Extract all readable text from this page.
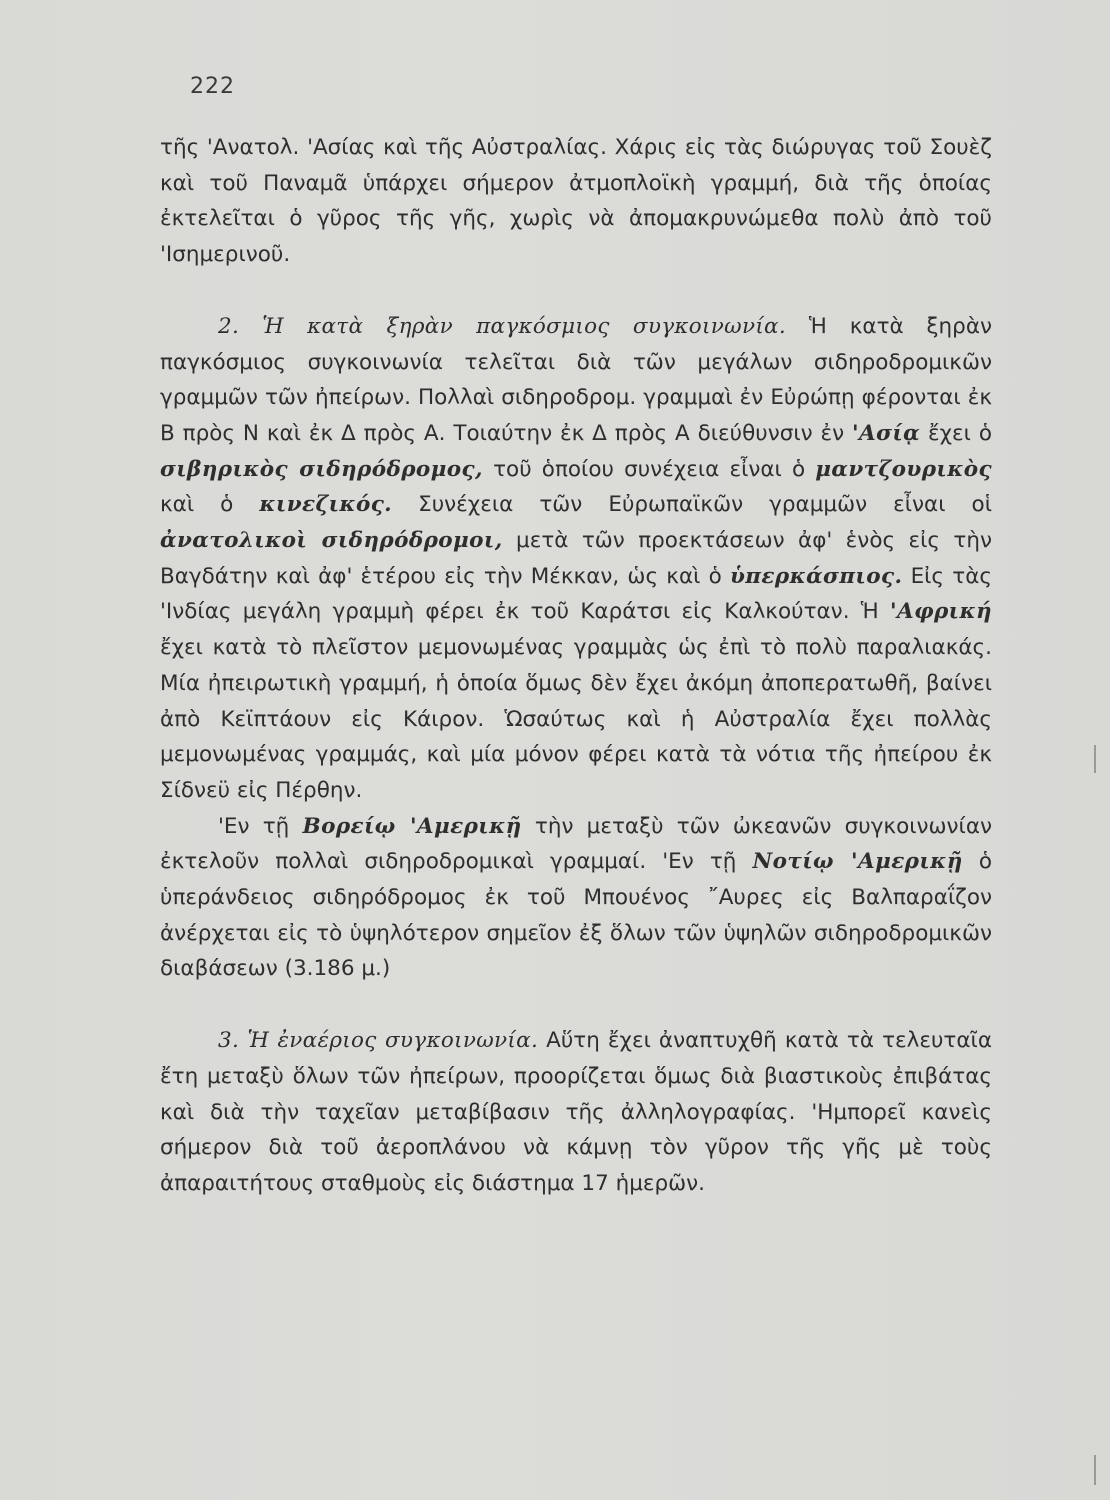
222

τῆς 'Ανατολ. 'Ασίας καὶ τῆς Αὐστραλίας. Χάρις εἰς τὰς διώρυγας τοῦ Σουὲζ καὶ τοῦ Παναμᾶ ὑπάρχει σήμερον ἀτμοπλοϊκὴ γραμμή, διὰ τῆς ὁποίας ἐκτελεῖται ὁ γῦρος τῆς γῆς, χωρὶς νὰ ἀπομακρυνώμεθα πολὺ ἀπὸ τοῦ 'Ισημερινοῦ.

2. Ἡ κατὰ ξηρὰν παγκόσμιος συγκοινωνία. Ἡ κατὰ ξηρὰν παγκόσμιος συγκοινωνία τελεῖται διὰ τῶν μεγάλων σιδηροδρομικῶν γραμμῶν τῶν ἠπείρων. Πολλαὶ σιδηροδρομ. γραμμαὶ ἐν Εὐρώπῃ φέρονται ἐκ Β πρὸς Ν καὶ ἐκ Δ πρὸς Α. Τοιαύτην ἐκ Δ πρὸς Α διεύθυνσιν ἐν 'Ασίᾳ ἔχει ὁ σιβηρικὸς σιδηρόδρομος, τοῦ ὁποίου συνέχεια εἶναι ὁ μαντζουρικὸς καὶ ὁ κινεζικός. Συνέχεια τῶν Εὐρωπαϊκῶν γραμμῶν εἶναι οἱ ἀνατολικοὶ σιδηρόδρομοι, μετὰ τῶν προεκτάσεων ἀφ' ἑνὸς εἰς τὴν Βαγδάτην καὶ ἀφ' ἑτέρου εἰς τὴν Μέκκαν, ὡς καὶ ὁ ὑπερκάσπιος. Εἰς τὰς 'Ινδίας μεγάλη γραμμὴ φέρει ἐκ τοῦ Καράτσι εἰς Καλκούταν. Ἡ 'Αφρική ἔχει κατὰ τὸ πλεῖστον μεμονωμένας γραμμὰς ὡς ἐπὶ τὸ πολὺ παραλιακάς. Μία ἠπειρωτικὴ γραμμή, ἡ ὁποία ὅμως δὲν ἔχει ἀκόμη ἀποπερατωθῆ, βαίνει ἀπὸ Κεϊπτάουν εἰς Κάιρον. Ὡσαύτως καὶ ἡ Αὐστραλία ἔχει πολλὰς μεμονωμένας γραμμάς, καὶ μία μόνον φέρει κατὰ τὰ νότια τῆς ἠπείρου ἐκ Σίδνεϋ εἰς Πέρθην.

'Εν τῇ Βορείῳ 'Αμερικῇ τὴν μεταξὺ τῶν ὠκεανῶν συγκοινωνίαν ἐκτελοῦν πολλαὶ σιδηροδρομικαὶ γραμμαί. 'Εν τῇ Νοτίῳ 'Αμερικῇ ὁ ὑπεράνδειος σιδηρόδρομος ἐκ τοῦ Μπουένος ῎Αυρες εἰς Βαλπαραΐζον ἀνέρχεται εἰς τὸ ὑψηλότερον σημεῖον ἐξ ὅλων τῶν ὑψηλῶν σιδηροδρομικῶν διαβάσεων (3.186 μ.)

3. Ἡ ἐναέριος συγκοινωνία. Αὕτη ἔχει ἀναπτυχθῆ κατὰ τὰ τελευταῖα ἔτη μεταξὺ ὅλων τῶν ἠπείρων, προορίζεται ὅμως διὰ βιαστικοὺς ἐπιβάτας καὶ διὰ τὴν ταχεῖαν μεταβίβασιν τῆς ἀλληλογραφίας. 'Ημπορεῖ κανεὶς σήμερον διὰ τοῦ ἀεροπλάνου νὰ κάμνῃ τὸν γῦρον τῆς γῆς μὲ τοὺς ἀπαραιτήτους σταθμοὺς εἰς διάστημα 17 ἡμερῶν.
